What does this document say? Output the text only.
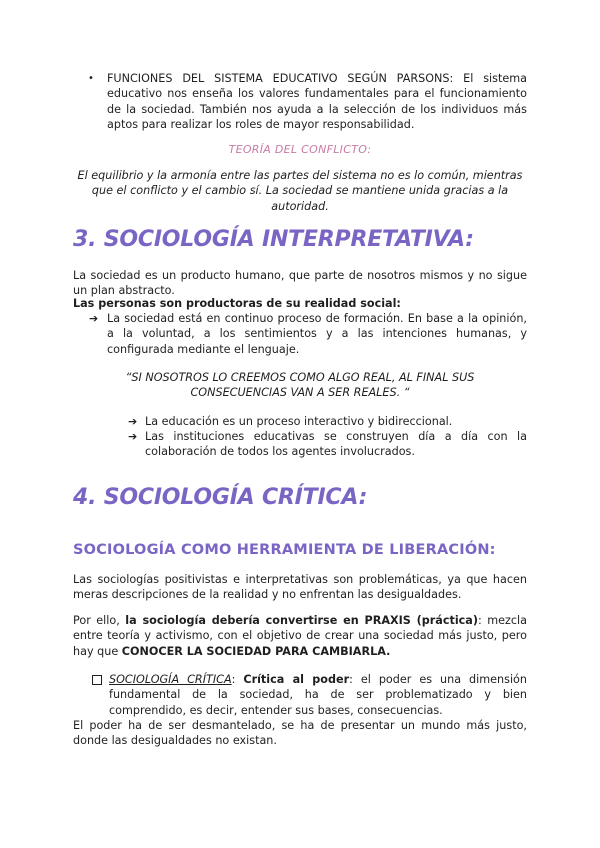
• FUNCIONES DEL SISTEMA EDUCATIVO SEGÚN PARSONS: El sistema educativo nos enseña los valores fundamentales para el funcionamiento de la sociedad. También nos ayuda a la selección de los individuos más aptos para realizar los roles de mayor responsabilidad.

TEORÍA DEL CONFLICTO:

El equilibrio y la armonía entre las partes del sistema no es lo común, mientras que el conflicto y el cambio sí. La sociedad se mantiene unida gracias a la autoridad.

3. SOCIOLOGÍA INTERPRETATIVA:

La sociedad es un producto humano, que parte de nosotros mismos y no sigue un plan abstracto.

Las personas son productoras de su realidad social:

➔ La sociedad está en continuo proceso de formación. En base a la opinión, a la voluntad, a los sentimientos y a las intenciones humanas, y configurada mediante el lenguaje.

“SI NOSOTROS LO CREEMOS COMO ALGO REAL, AL FINAL SUS CONSECUENCIAS VAN A SER REALES. “

➔ La educación es un proceso interactivo y bidireccional.

➔ Las instituciones educativas se construyen día a día con la colaboración de todos los agentes involucrados.

4. SOCIOLOGÍA CRÍTICA:
SOCIOLOGÍA COMO HERRAMIENTA DE LIBERACIÓN:

Las sociologías positivistas e interpretativas son problemáticas, ya que hacen meras descripciones de la realidad y no enfrentan las desigualdades.

Por ello, la sociología debería convertirse en PRAXIS (práctica): mezcla entre teoría y activismo, con el objetivo de crear una sociedad más justo, pero hay que CONOCER LA SOCIEDAD PARA CAMBIARLA.

SOCIOLOGÍA CRÍTICA: Crítica al poder: el poder es una dimensión fundamental de la sociedad, ha de ser problematizado y bien comprendido, es decir, entender sus bases, consecuencias.

El poder ha de ser desmantelado, se ha de presentar un mundo más justo, donde las desigualdades no existan.
